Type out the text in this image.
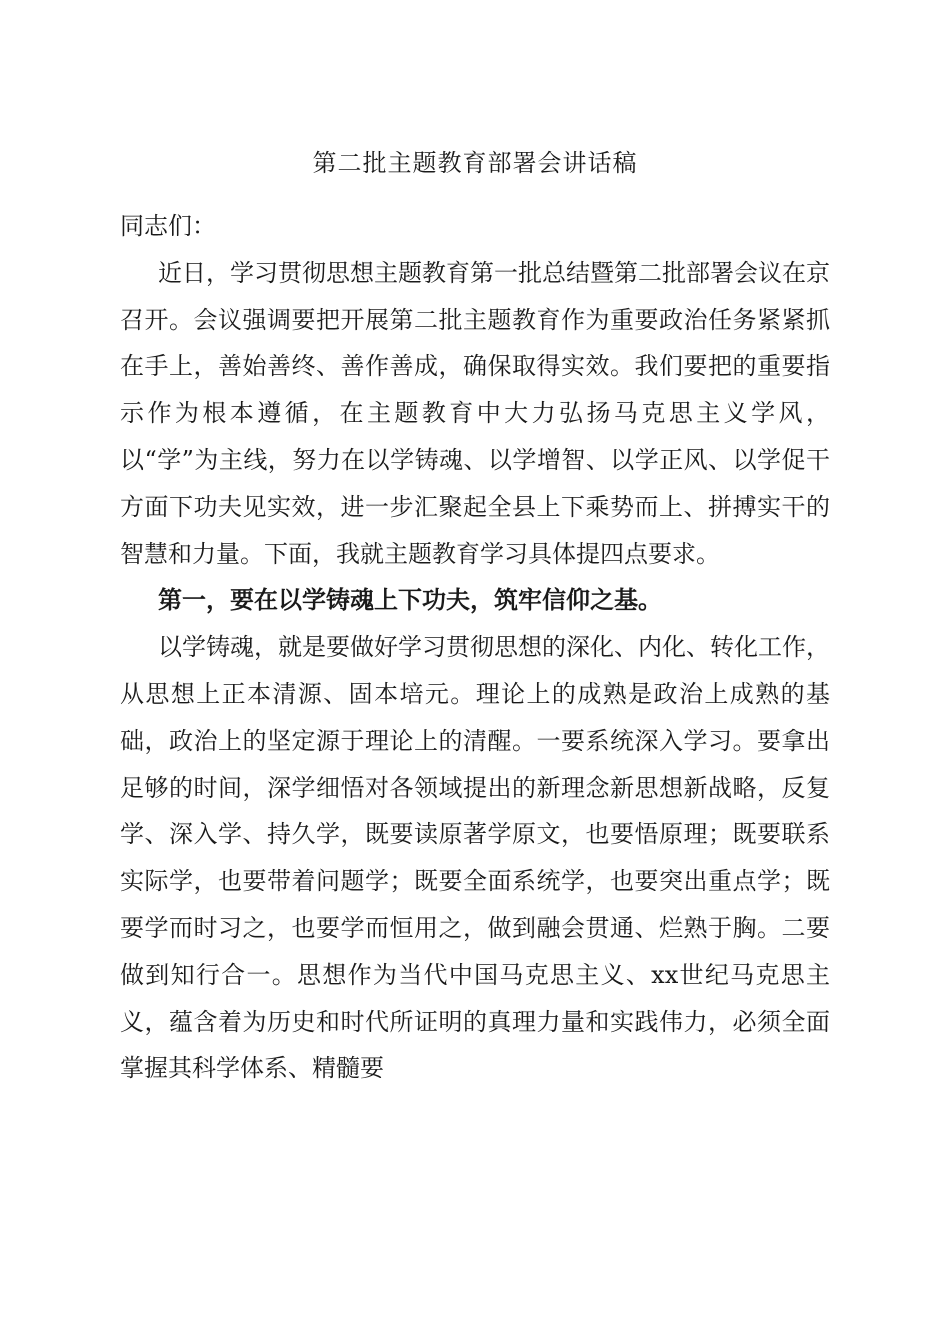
第二批主题教育部署会讲话稿

同志们：

近日，学习贯彻思想主题教育第一批总结暨第二批部署会议在京召开。会议强调要把开展第二批主题教育作为重要政治任务紧紧抓在手上，善始善终、善作善成，确保取得实效。我们要把的重要指示作为根本遵循，在主题教育中大力弘扬马克思主义学风，以“学”为主线，努力在以学铸魂、以学增智、以学正风、以学促干方面下功夫见实效，进一步汇聚起全县上下乘势而上、拼搏实干的智慧和力量。下面，我就主题教育学习具体提四点要求。

第一，要在以学铸魂上下功夫，筑牢信仰之基。

以学铸魂，就是要做好学习贯彻思想的深化、内化、转化工作，从思想上正本清源、固本培元。理论上的成熟是政治上成熟的基础，政治上的坚定源于理论上的清醒。一要系统深入学习。要拿出足够的时间，深学细悟对各领域提出的新理念新思想新战略，反复学、深入学、持久学，既要读原著学原文，也要悟原理；既要联系实际学，也要带着问题学；既要全面系统学，也要突出重点学；既要学而时习之，也要学而恒用之，做到融会贯通、烂熟于胸。二要做到知行合一。思想作为当代中国马克思主义、xx世纪马克思主义，蕴含着为历史和时代所证明的真理力量和实践伟力，必须全面掌握其科学体系、精髓要
